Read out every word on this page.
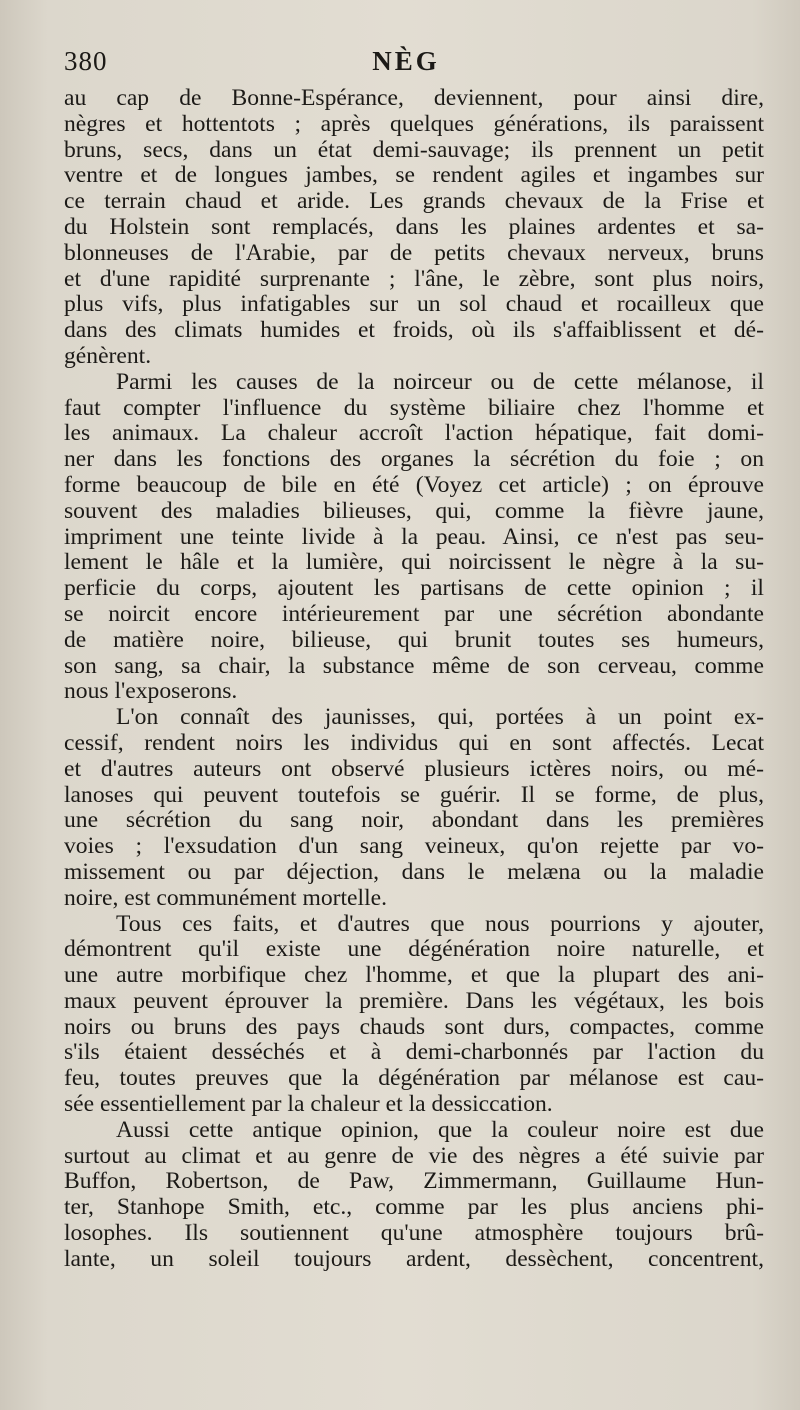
380	NÈG
au cap de Bonne-Espérance, deviennent, pour ainsi dire,
nègres et hottentots ; après quelques générations, ils paraissent
bruns, secs, dans un état demi-sauvage; ils prennent un petit
ventre et de longues jambes, se rendent agiles et ingambes sur
ce terrain chaud et aride. Les grands chevaux de la Frise et
du Holstein sont remplacés, dans les plaines ardentes et sa-
blonneuses de l'Arabie, par de petits chevaux nerveux, bruns
et d'une rapidité surprenante ; l'âne, le zèbre, sont plus noirs,
plus vifs, plus infatigables sur un sol chaud et rocailleux que
dans des climats humides et froids, où ils s'affaiblissent et dé-
génèrent.
Parmi les causes de la noirceur ou de cette mélanose, il
faut compter l'influence du système biliaire chez l'homme et
les animaux. La chaleur accroît l'action hépatique, fait domi-
ner dans les fonctions des organes la sécrétion du foie ; on
forme beaucoup de bile en été (Voyez cet article) ; on éprouve
souvent des maladies bilieuses, qui, comme la fièvre jaune,
impriment une teinte livide à la peau. Ainsi, ce n'est pas seu-
lement le hâle et la lumière, qui noircissent le nègre à la su-
perficie du corps, ajoutent les partisans de cette opinion ; il
se noircit encore intérieurement par une sécrétion abondante
de matière noire, bilieuse, qui brunit toutes ses humeurs,
son sang, sa chair, la substance même de son cerveau, comme
nous l'exposerons.
L'on connaît des jaunisses, qui, portées à un point ex-
cessif, rendent noirs les individus qui en sont affectés. Lecat
et d'autres auteurs ont observé plusieurs ictères noirs, ou mé-
lanoses qui peuvent toutefois se guérir. Il se forme, de plus,
une sécrétion du sang noir, abondant dans les premières
voies ; l'exsudation d'un sang veineux, qu'on rejette par vo-
missement ou par déjection, dans le melæna ou la maladie
noire, est communément mortelle.
Tous ces faits, et d'autres que nous pourrions y ajouter,
démontrent qu'il existe une dégénération noire naturelle, et
une autre morbifique chez l'homme, et que la plupart des ani-
maux peuvent éprouver la première. Dans les végétaux, les bois
noirs ou bruns des pays chauds sont durs, compactes, comme
s'ils étaient desséchés et à demi-charbonnés par l'action du
feu, toutes preuves que la dégénération par mélanose est cau-
sée essentiellement par la chaleur et la dessiccation.
Aussi cette antique opinion, que la couleur noire est due
surtout au climat et au genre de vie des nègres a été suivie par
Buffon, Robertson, de Paw, Zimmermann, Guillaume Hun-
ter, Stanhope Smith, etc., comme par les plus anciens phi-
losophes. Ils soutiennent qu'une atmosphère toujours brû-
lante, un soleil toujours ardent, dessèchent, concentrent,
